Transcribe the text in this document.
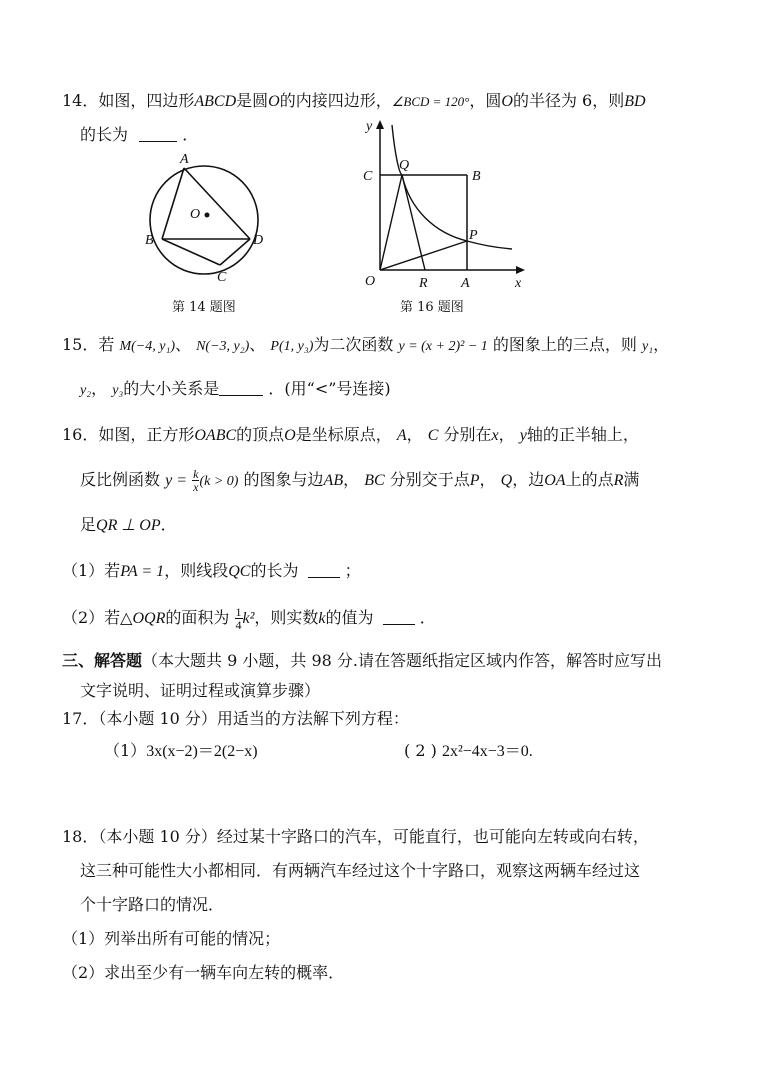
14．如图，四边形ABCD是圆O的内接四边形，∠BCD = 120°，圆O的半径为 6，则BD
的长为	．
A
O
B	D
C
第 14 题图
y
x
C
Q
B
P
O	R A
第 16 题图
15．若 M(−4, y₁)、 N(−3, y₂)、 P(1, y₃)为二次函数 y = (x + 2)² − 1 的图象上的三点，则 y₁，
y₂， y₃的大小关系是	．(用“<”号连接)
16．如图，正方形OABC的顶点O是坐标原点， A， C 分别在x， y轴的正半轴上，
反比例函数 $y = \frac{k}{x} (k > 0)$ 的图象与边AB， BC 分别交于点P， Q，边OA上的点R满
足QR ⊥ OP．
（1）若PA = 1，则线段QC的长为	；
（2）若△OQR的面积为 $\frac{1}{4} k^2$，则实数k的值为	．
三、解答题（本大题共 9 小题，共 98 分.请在答题纸指定区域内作答，解答时应写出
文字说明、证明过程或演算步骤）
17．（本小题 10 分）用适当的方法解下列方程：
（1）3x(x−2)＝2(2−x)	( 2 ) 2x²−4x−3＝0.
18．（本小题 10 分）经过某十字路口的汽车，可能直行，也可能向左转或向右转，
这三种可能性大小都相同．有两辆汽车经过这个十字路口，观察这两辆车经过这
个十字路口的情况．
（1）列举出所有可能的情况；
（2）求出至少有一辆车向左转的概率．
